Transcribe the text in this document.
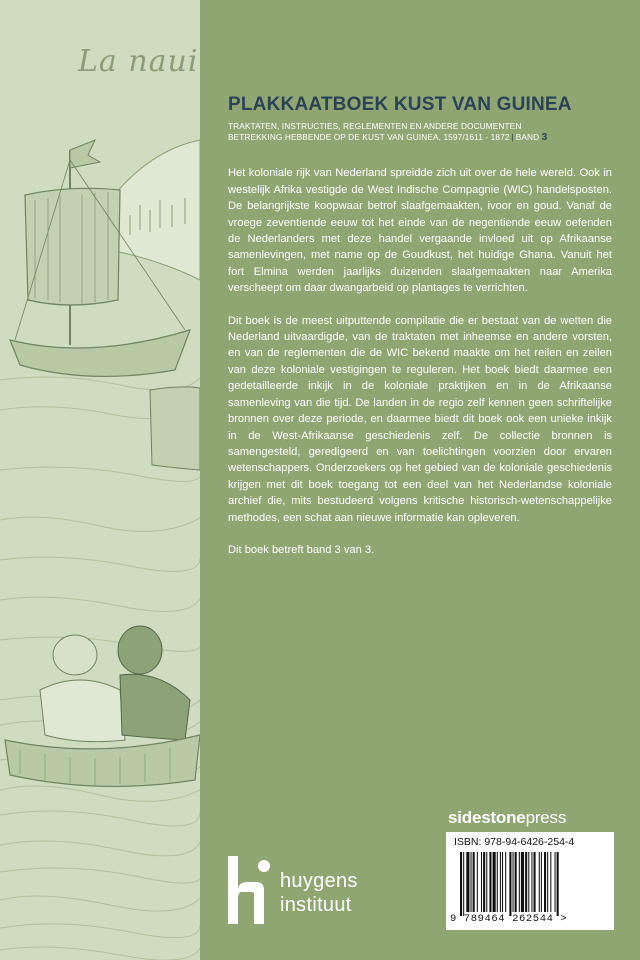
La naui
PLAKKAATBOEK KUST VAN GUINEA
TRAKTATEN, INSTRUCTIES, REGLEMENTEN EN ANDERE DOCUMENTEN
BETREKKING HEBBENDE OP DE KUST VAN GUINEA, 1597/1611 - 1872 | BAND 3

Het koloniale rijk van Nederland spreidde zich uit over de hele wereld. Ook in westelijk Afrika vestigde de West Indische Compagnie (WIC) handelsposten. De belangrijkste koopwaar betrof slaafgemaakten, ivoor en goud. Vanaf de vroege zeventiende eeuw tot het einde van de negentiende eeuw oefenden de Nederlanders met deze handel vergaande invloed uit op Afrikaanse samenlevingen, met name op de Goudkust, het huidige Ghana. Vanuit het fort Elmina werden jaarlijks duizenden slaafgemaakten naar Amerika verscheept om daar dwangarbeid op plantages te verrichten.

Dit boek is de meest uitputtende compilatie die er bestaat van de wetten die Nederland uitvaardigde, van de traktaten met inheemse en andere vorsten, en van de reglementen die de WIC bekend maakte om het reilen en zeilen van deze koloniale vestigingen te reguleren. Het boek biedt daarmee een gedetailleerde inkijk in de koloniale praktijken en in de Afrikaanse samenleving van die tijd. De landen in de regio zelf kennen geen schriftelijke bronnen over deze periode, en daarmee biedt dit boek ook een unieke inkijk in de West-Afrikaanse geschiedenis zelf. De collectie bronnen is samengesteld, geredigeerd en van toelichtingen voorzien door ervaren wetenschappers. Onderzoekers op het gebied van de koloniale geschiedenis krijgen met dit boek toegang tot een deel van het Nederlandse koloniale archief die, mits bestudeerd volgens kritische historisch-wetenschappelijke methodes, een schat aan nieuwe informatie kan opleveren.

Dit boek betreft band 3 van 3.

huygens
instituut
sidestonepress
ISBN: 978-94-6426-254-4
9 789464 262544 >
